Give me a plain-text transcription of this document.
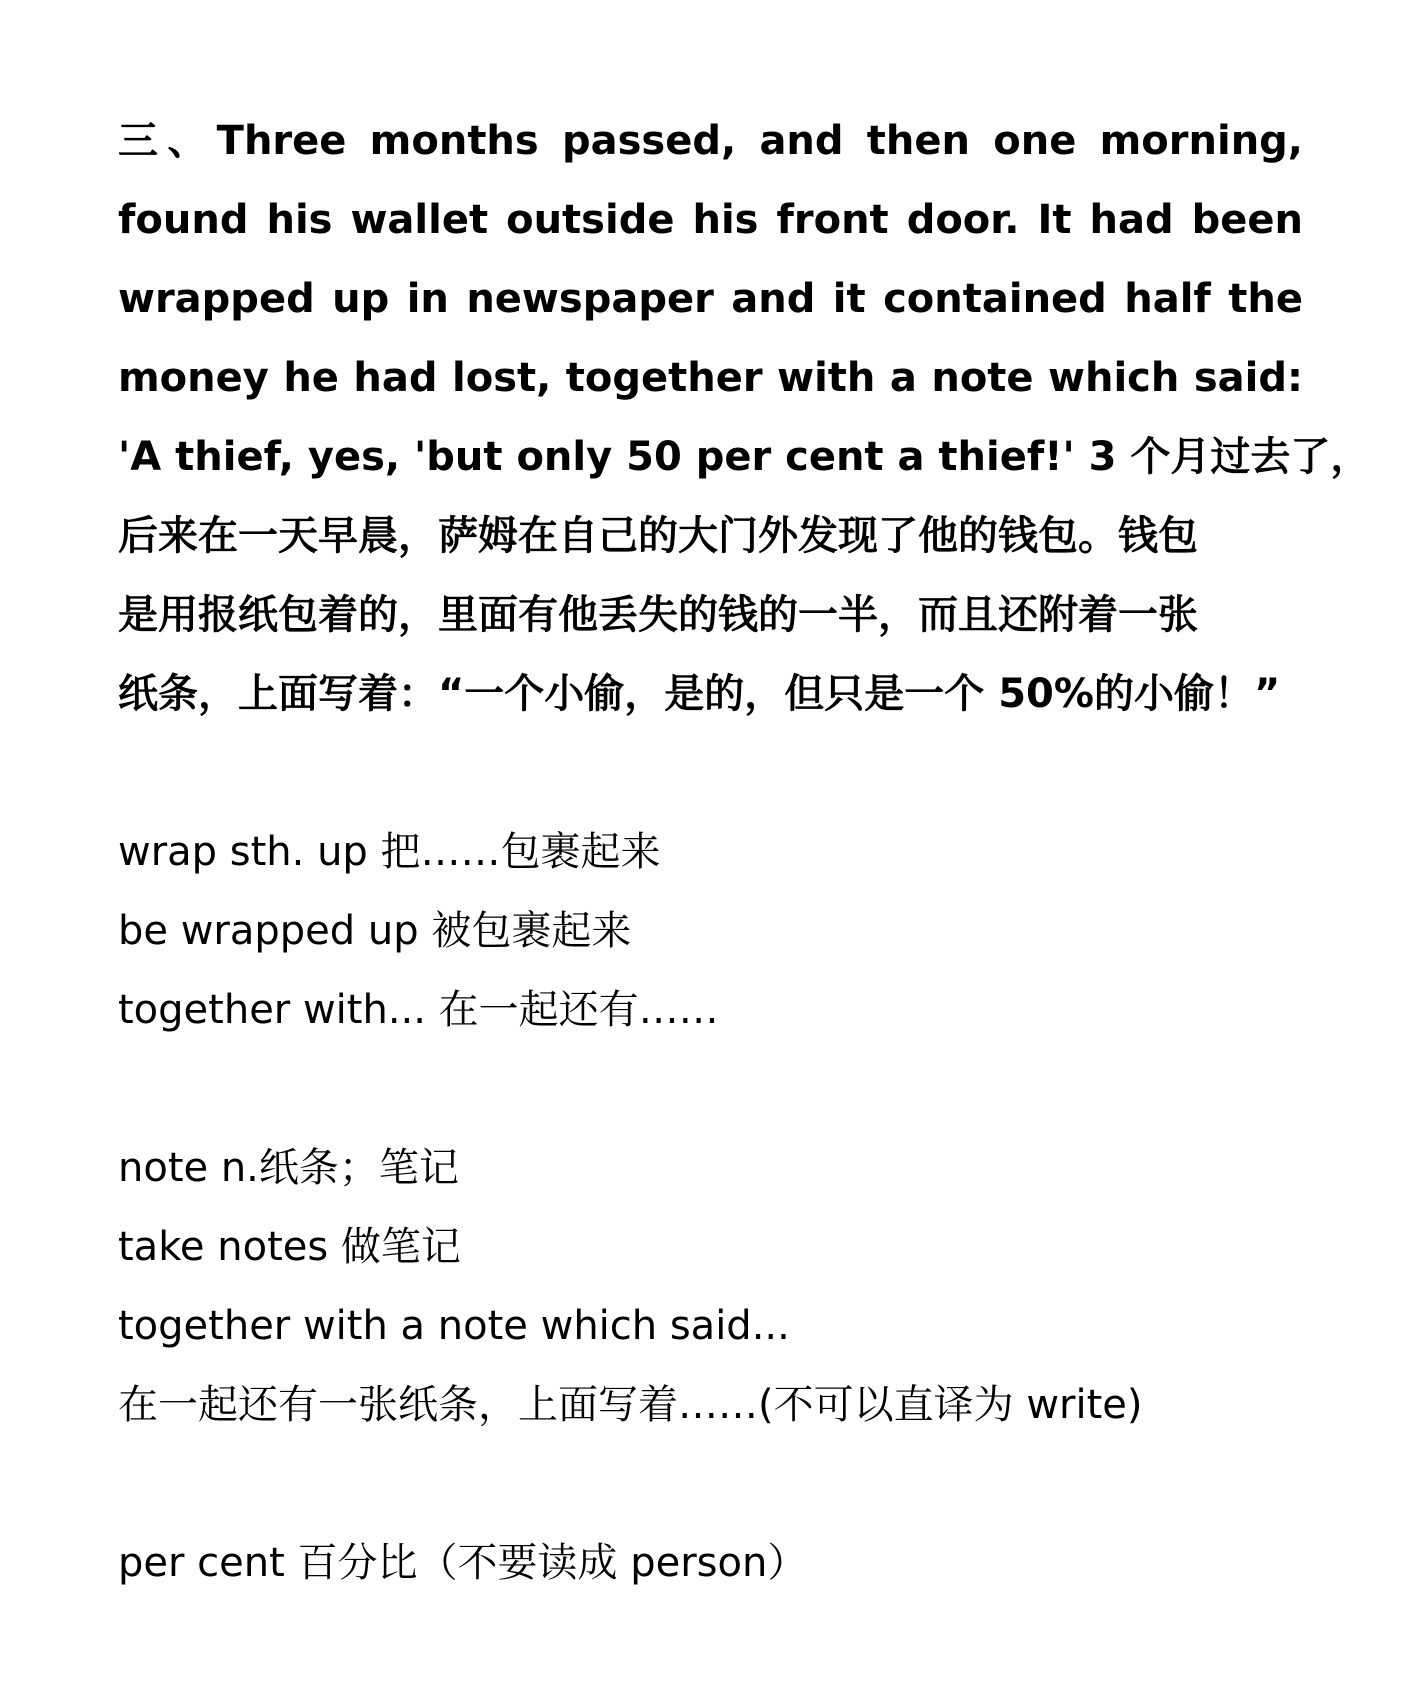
三、Three months passed, and then one morning,
found his wallet outside his front door. It had been
wrapped up in newspaper and it contained half the
money he had lost, together with a note which said:
'A thief, yes, 'but only 50 per cent a thief!' 3 个月过去了，
后来在一天早晨，萨姆在自己的大门外发现了他的钱包。钱包
是用报纸包着的，里面有他丢失的钱的一半，而且还附着一张
纸条，上面写着：“一个小偷，是的，但只是一个 50%的小偷！”
wrap sth. up 把……包裹起来
be wrapped up 被包裹起来
together with... 在一起还有……
note n.纸条；笔记
take notes 做笔记
together with a note which said...
在一起还有一张纸条，上面写着……(不可以直译为 write)
per cent 百分比（不要读成 person）
